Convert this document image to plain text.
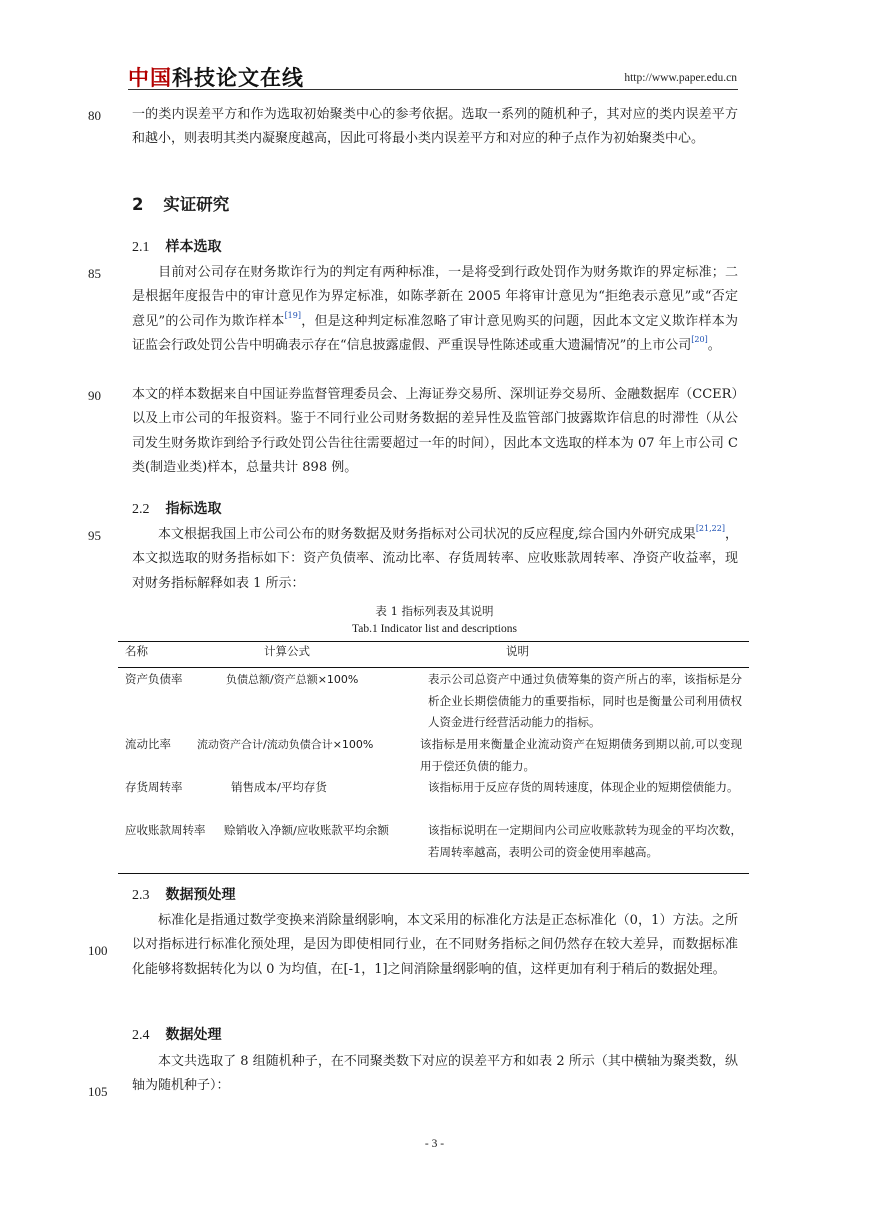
中国科技论文在线	http://www.paper.edu.cn
80
85
90
95
100
105
一的类内误差平方和作为选取初始聚类中心的参考依据。选取一系列的随机种子，其对应的类内误差平方和越小，则表明其类内凝聚度越高，因此可将最小类内误差平方和对应的种子点作为初始聚类中心。
2 实证研究
2.1 样本选取
目前对公司存在财务欺诈行为的判定有两种标准，一是将受到行政处罚作为财务欺诈的界定标准；二是根据年度报告中的审计意见作为界定标准，如陈孝新在 2005 年将审计意见为“拒绝表示意见”或“否定意见”的公司作为欺诈样本[19]，但是这种判定标准忽略了审计意见购买的问题，因此本文定义欺诈样本为证监会行政处罚公告中明确表示存在“信息披露虚假、严重误导性陈述或重大遗漏情况”的上市公司[20]。
本文的样本数据来自中国证券监督管理委员会、上海证券交易所、深圳证券交易所、金融数据库（CCER）以及上市公司的年报资料。鉴于不同行业公司财务数据的差异性及监管部门披露欺诈信息的时滞性（从公司发生财务欺诈到给予行政处罚公告往往需要超过一年的时间），因此本文选取的样本为 07 年上市公司 C 类(制造业类)样本，总量共计 898 例。
2.2 指标选取
本文根据我国上市公司公布的财务数据及财务指标对公司状况的反应程度,综合国内外研究成果[21,22]，本文拟选取的财务指标如下：资产负债率、流动比率、存货周转率、应收账款周转率、净资产收益率，现对财务指标解释如表 1 所示：
表 1 指标列表及其说明
Tab.1 Indicator list and descriptions
名称	计算公式	说明
资产负债率	负债总额/资产总额×100%	表示公司总资产中通过负债筹集的资产所占的率，该指标是分析企业长期偿债能力的重要指标，同时也是衡量公司利用债权人资金进行经营活动能力的指标。
流动比率 流动资产合计/流动负债合计×100%	该指标是用来衡量企业流动资产在短期债务到期以前,可以变现用于偿还负债的能力。
存货周转率	销售成本/平均存货	该指标用于反应存货的周转速度，体现企业的短期偿债能力。
应收账款周转率 赊销收入净额/应收账款平均余额	该指标说明在一定期间内公司应收账款转为现金的平均次数，若周转率越高，表明公司的资金使用率越高。
2.3 数据预处理
标准化是指通过数学变换来消除量纲影响，本文采用的标准化方法是正态标准化（0，1）方法。之所以对指标进行标准化预处理，是因为即使相同行业，在不同财务指标之间仍然存在较大差异，而数据标准化能够将数据转化为以 0 为均值，在[-1，1]之间消除量纲影响的值，这样更加有利于稍后的数据处理。
2.4 数据处理
本文共选取了 8 组随机种子，在不同聚类数下对应的误差平方和如表 2 所示（其中横轴为聚类数，纵轴为随机种子）：
- 3 -
